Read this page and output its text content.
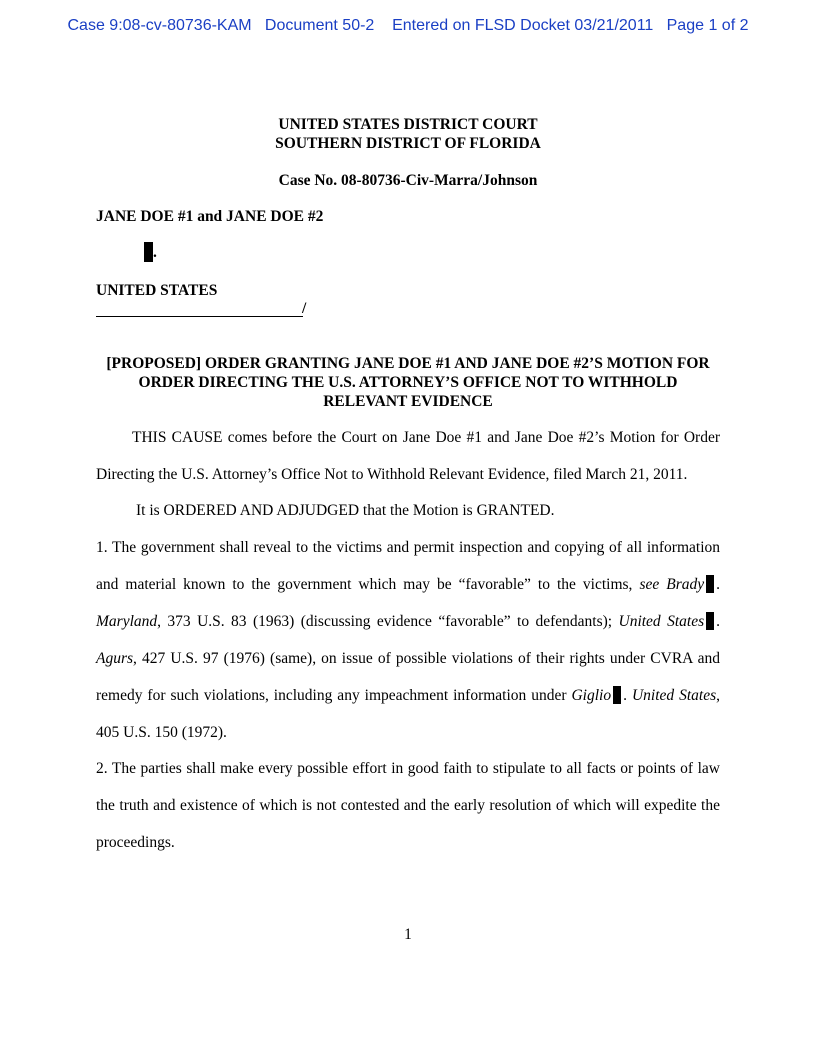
Case 9:08-cv-80736-KAM   Document 50-2    Entered on FLSD Docket 03/21/2011   Page 1 of 2
UNITED STATES DISTRICT COURT
SOUTHERN DISTRICT OF FLORIDA
Case No. 08-80736-Civ-Marra/Johnson
JANE DOE #1 and JANE DOE #2
.
UNITED STATES
/
[PROPOSED] ORDER GRANTING JANE DOE #1 AND JANE DOE #2’S MOTION FOR ORDER DIRECTING THE U.S. ATTORNEY’S OFFICE NOT TO WITHHOLD RELEVANT EVIDENCE
THIS CAUSE comes before the Court on Jane Doe #1 and Jane Doe #2’s Motion for Order Directing the U.S. Attorney’s Office Not to Withhold Relevant Evidence, filed March 21, 2011.
It is ORDERED AND ADJUDGED that the Motion is GRANTED.
1. The government shall reveal to the victims and permit inspection and copying of all information and material known to the government which may be “favorable” to the victims, see Brady . Maryland, 373 U.S. 83 (1963) (discussing evidence “favorable” to defendants); United States . Agurs, 427 U.S. 97 (1976) (same), on issue of possible violations of their rights under CVRA and remedy for such violations, including any impeachment information under Giglio . United States, 405 U.S. 150 (1972).
2. The parties shall make every possible effort in good faith to stipulate to all facts or points of law the truth and existence of which is not contested and the early resolution of which will expedite the proceedings.
1
